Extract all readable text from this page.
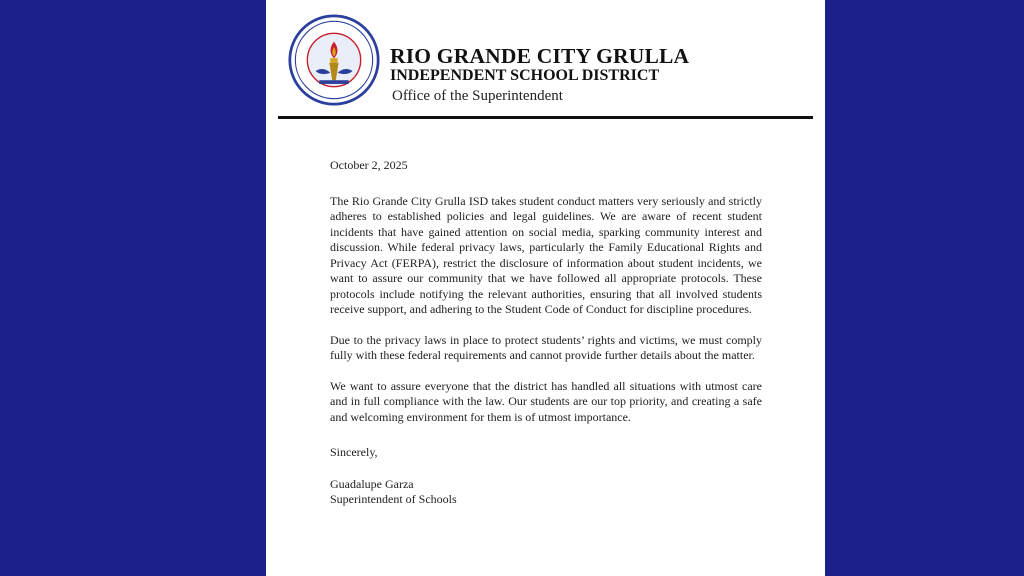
RIO GRANDE CITY GRULLA
INDEPENDENT SCHOOL DISTRICT
Office of the Superintendent

October 2, 2025

The Rio Grande City Grulla ISD takes student conduct matters very seriously and strictly adheres to established policies and legal guidelines. We are aware of recent student incidents that have gained attention on social media, sparking community interest and discussion. While federal privacy laws, particularly the Family Educational Rights and Privacy Act (FERPA), restrict the disclosure of information about student incidents, we want to assure our community that we have followed all appropriate protocols. These protocols include notifying the relevant authorities, ensuring that all involved students receive support, and adhering to the Student Code of Conduct for discipline procedures.

Due to the privacy laws in place to protect students’ rights and victims, we must comply fully with these federal requirements and cannot provide further details about the matter.

We want to assure everyone that the district has handled all situations with utmost care and in full compliance with the law. Our students are our top priority, and creating a safe and welcoming environment for them is of utmost importance.

Sincerely,

Guadalupe Garza

Superintendent of Schools
